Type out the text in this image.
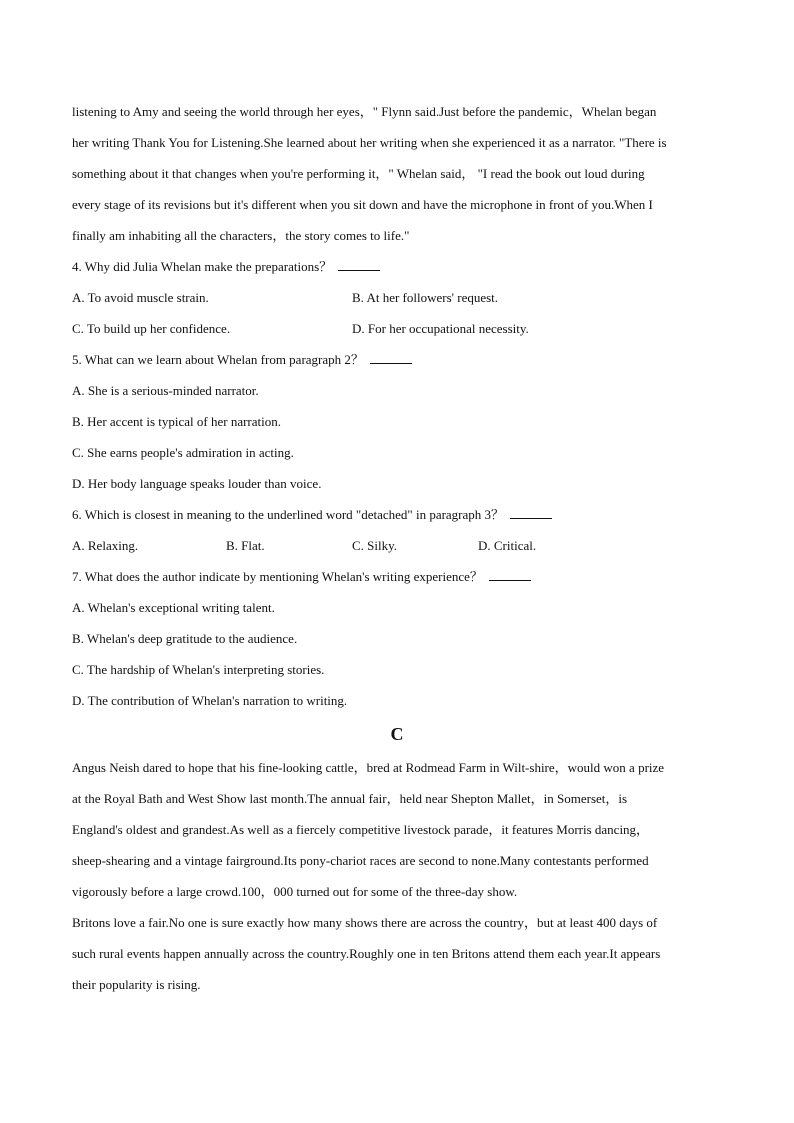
listening to Amy and seeing the world through her eyes，" Flynn said.Just before the pandemic，Whelan began
her writing Thank You for Listening.She learned about her writing when she experienced it as a narrator. "There is
something about it that changes when you're performing it，" Whelan said， "I read the book out loud during
every stage of its revisions but it's different when you sit down and have the microphone in front of you.When I
finally am inhabiting all the characters，the story comes to life."
4. Why did Julia Whelan make the preparations？
A. To avoid muscle strain.	B. At her followers' request.
C. To build up her confidence.	D. For her occupational necessity.
5. What can we learn about Whelan from paragraph 2？
A. She is a serious-minded narrator.
B. Her accent is typical of her narration.
C. She earns people's admiration in acting.
D. Her body language speaks louder than voice.
6. Which is closest in meaning to the underlined word "detached" in paragraph 3？
A. Relaxing.	B. Flat.	C. Silky.	D. Critical.
7. What does the author indicate by mentioning Whelan's writing experience？
A. Whelan's exceptional writing talent.
B. Whelan's deep gratitude to the audience.
C. The hardship of Whelan's interpreting stories.
D. The contribution of Whelan's narration to writing.
C
Angus Neish dared to hope that his fine-looking cattle，bred at Rodmead Farm in Wilt-shire，would won a prize
at the Royal Bath and West Show last month.The annual fair，held near Shepton Mallet，in Somerset，is
England's oldest and grandest.As well as a fiercely competitive livestock parade，it features Morris dancing，
sheep-shearing and a vintage fairground.Its pony-chariot races are second to none.Many contestants performed
vigorously before a large crowd.100，000 turned out for some of the three-day show.
Britons love a fair.No one is sure exactly how many shows there are across the country，but at least 400 days of
such rural events happen annually across the country.Roughly one in ten Britons attend them each year.It appears
their popularity is rising.
